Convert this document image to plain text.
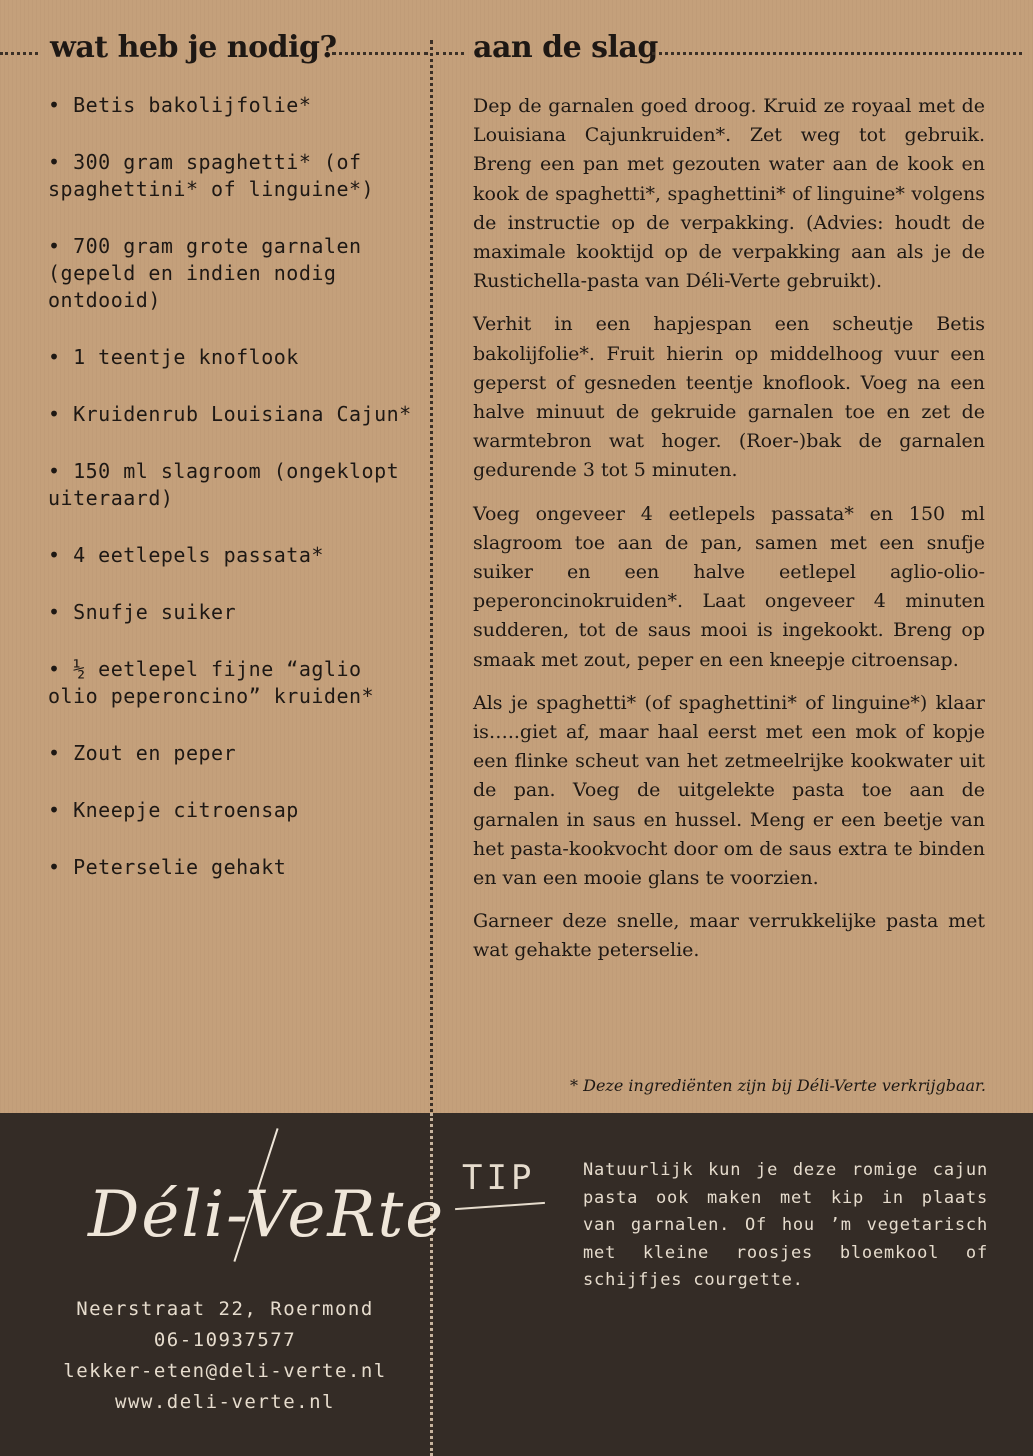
wat heb je nodig?	aan de slag
• Betis bakolijfolie*
• 300 gram spaghetti* (of spaghettini* of linguine*)
• 700 gram grote garnalen (gepeld en indien nodig ontdooid)
• 1 teentje knoflook
• Kruidenrub Louisiana Cajun*
• 150 ml slagroom (ongeklopt uiteraard)
• 4 eetlepels passata*
• Snufje suiker
• ½ eetlepel fijne “aglio olio peperoncino” kruiden*
• Zout en peper
• Kneepje citroensap
• Peterselie gehakt

Dep de garnalen goed droog. Kruid ze royaal met de Louisiana Cajunkruiden*. Zet weg tot gebruik. Breng een pan met gezouten water aan de kook en kook de spaghetti*, spaghettini* of linguine* volgens de instructie op de verpakking. (Advies: houdt de maximale kooktijd op de verpakking aan als je de Rustichella-pasta van Déli-Verte gebruikt).

Verhit in een hapjespan een scheutje Betis bakolijfolie*. Fruit hierin op middelhoog vuur een geperst of gesneden teentje knoflook. Voeg na een halve minuut de gekruide garnalen toe en zet de warmtebron wat hoger. (Roer-)bak de garnalen gedurende 3 tot 5 minuten.

Voeg ongeveer 4 eetlepels passata* en 150 ml slagroom toe aan de pan, samen met een snufje suiker en een halve eetlepel aglio-olio-peperoncinokruiden*. Laat ongeveer 4 minuten sudderen, tot de saus mooi is ingekookt. Breng op smaak met zout, peper en een kneepje citroensap.

Als je spaghetti* (of spaghettini* of linguine*) klaar is…..giet af, maar haal eerst met een mok of kopje een flinke scheut van het zetmeelrijke kookwater uit de pan. Voeg de uitgelekte pasta toe aan de garnalen in saus en hussel. Meng er een beetje van het pasta-kookvocht door om de saus extra te binden en van een mooie glans te voorzien.

Garneer deze snelle, maar verrukkelijke pasta met wat gehakte peterselie.

* Deze ingrediënten zijn bij Déli-Verte verkrijgbaar.
Déli-VeRte
Neerstraat 22, Roermond
06-10937577
lekker-eten@deli-verte.nl
www.deli-verte.nl
TIP	Natuurlijk kun je deze romige cajun pasta ook maken met kip in plaats van garnalen. Of hou ’m vegetarisch met kleine roosjes bloemkool of schijfjes courgette.
